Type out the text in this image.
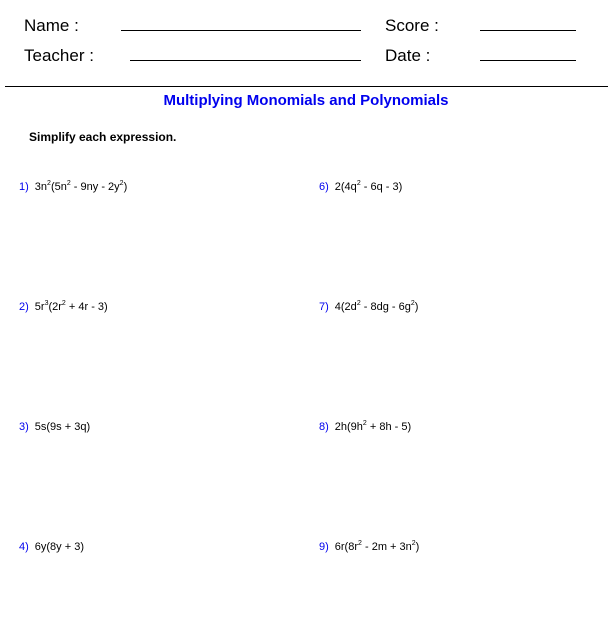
Name :	Score :
Teacher :	Date :
Multiplying Monomials and Polynomials
Simplify each expression.
1) $3n^2(5n^2 - 9ny - 2y^2)$
2) $5r^3(2r^2 + 4r - 3)$
3) 5s(9s + 3q)
4) 6y(8y + 3)
6) $2(4q^2 - 6q - 3)$
7) $4(2d^2 - 8dg - 6g^2)$
8) $2h(9h^2 + 8h - 5)$
9) $6r(8r^2 - 2m + 3n^2)$
